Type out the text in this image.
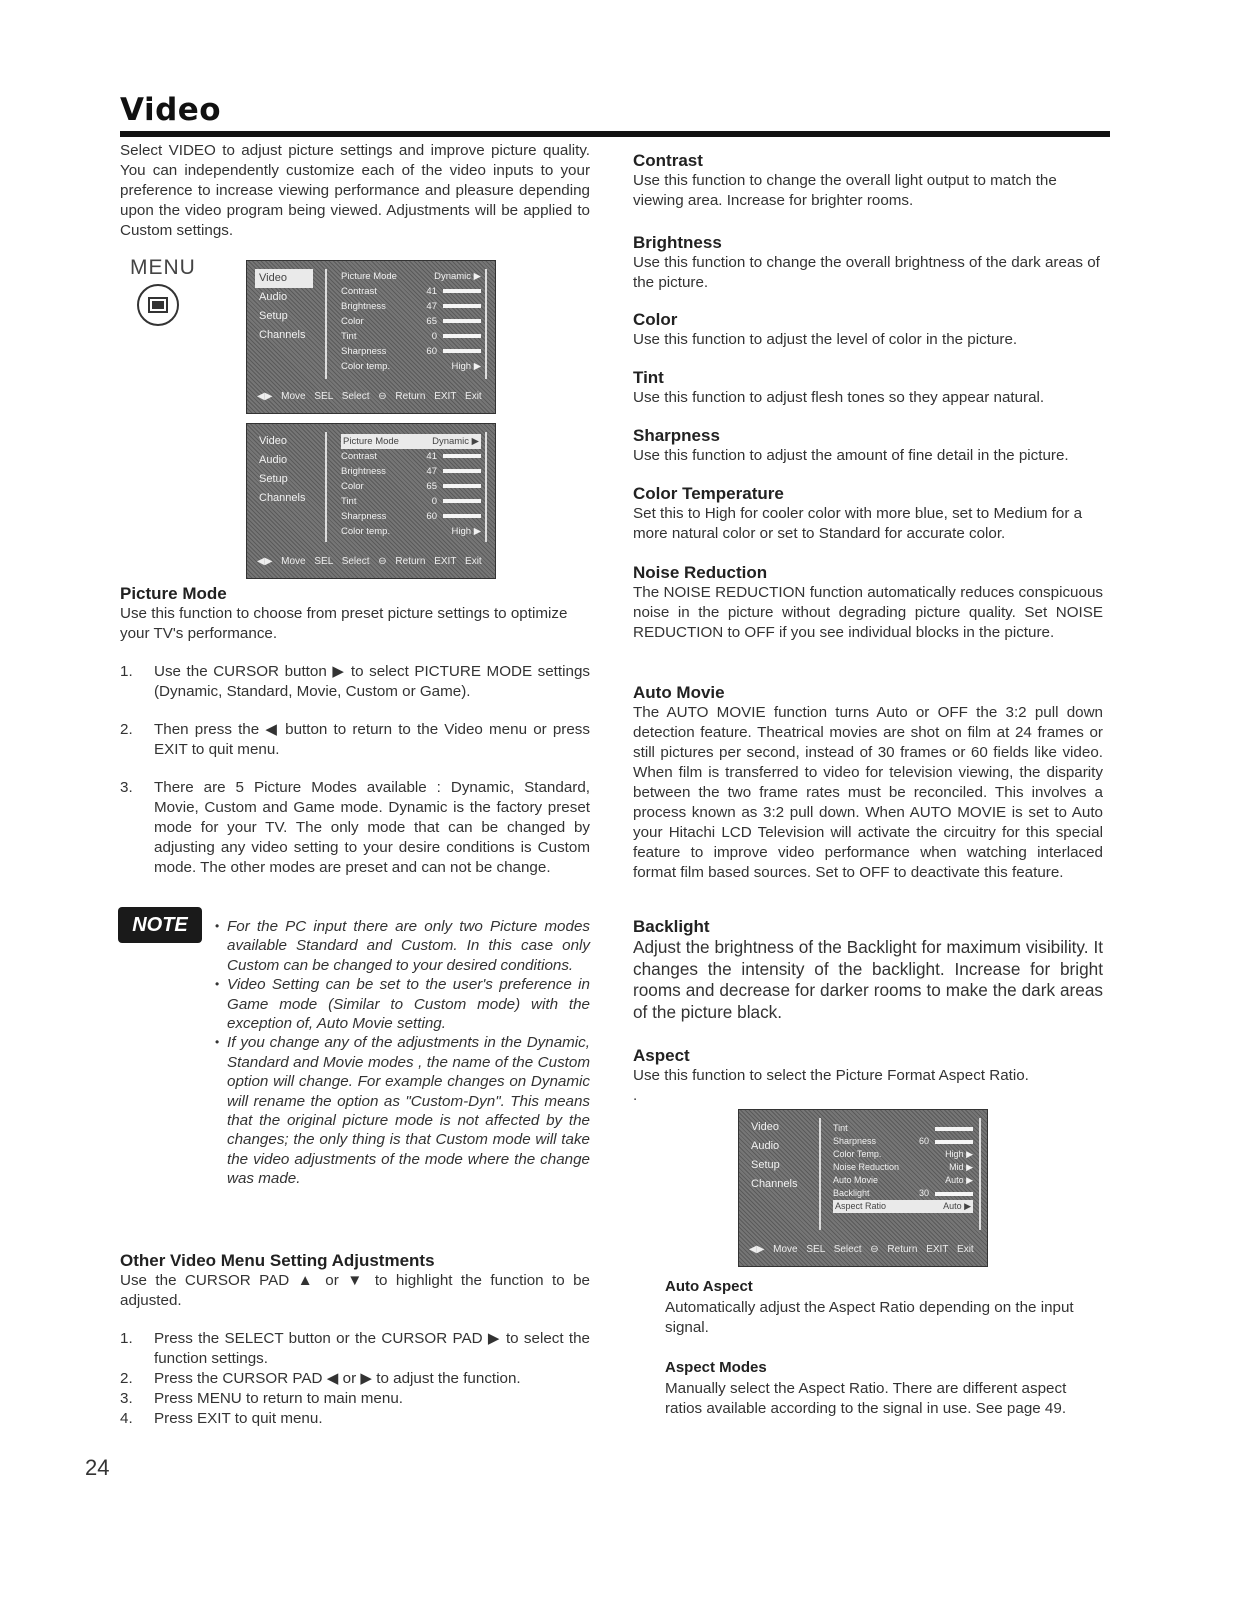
Video

Select VIDEO to adjust picture settings and improve picture quality. You can independently customize each of the video inputs to your preference to increase viewing performance and pleasure depending upon the video program being viewed. Adjustments will be applied to Custom settings.

MENU	Video
Audio
Setup
Channels
Picture Mode	Dynamic ▶
Contrast	41
Brightness	47
Color	65
Tint	0
Sharpness	60
Color temp.	High ▶
◀▶ Move SEL Select ⊖ Return EXIT Exit
Video
Audio
Setup
Channels
Picture Mode	Dynamic ▶
Contrast	41
Brightness	47
Color	65
Tint	0
Sharpness	60
Color temp.	High ▶
◀▶ Move SEL Select ⊖ Return EXIT Exit

Picture Mode

Use this function to choose from preset picture settings to optimize your TV's performance.

1. Use the CURSOR button ▶ to select PICTURE MODE settings (Dynamic, Standard, Movie, Custom or Game).
2. Then press the ◀ button to return to the Video menu or press EXIT to quit menu.
3. There are 5 Picture Modes available : Dynamic, Standard, Movie, Custom and Game mode. Dynamic is the factory preset mode for your TV. The only mode that can be changed by adjusting any video setting to your desire conditions is Custom mode. The other modes are preset and can not be change.
NOTE	• For the PC input there are only two Picture modes available Standard and Custom. In this case only Custom can be changed to your desired conditions.
• Video Setting can be set to the user's preference in Game mode (Similar to Custom mode) with the exception of, Auto Movie setting.
• If you change any of the adjustments in the Dynamic, Standard and Movie modes , the name of the Custom option will change. For example changes on Dynamic will rename the option as "Custom-Dyn". This means that the original picture mode is not affected by the changes; the only thing is that Custom mode will take the video adjustments of the mode where the change was made.

Other Video Menu Setting Adjustments

Use the CURSOR PAD ▲ or ▼ to highlight the function to be adjusted.

1. Press the SELECT button or the CURSOR PAD ▶ to select the function settings.
2. Press the CURSOR PAD ◀ or ▶ to adjust the function.
3. Press MENU to return to main menu.
4. Press EXIT to quit menu.
24

Contrast

Use this function to change the overall light output to match the viewing area. Increase for brighter rooms.

Brightness

Use this function to change the overall brightness of the dark areas of the picture.

Color

Use this function to adjust the level of color in the picture.

Tint

Use this function to adjust flesh tones so they appear natural.

Sharpness

Use this function to adjust the amount of fine detail in the picture.

Color Temperature

Set this to High for cooler color with more blue, set to Medium for a more natural color or set to Standard for accurate color.

Noise Reduction

The NOISE REDUCTION function automatically reduces conspicuous noise in the picture without degrading picture quality. Set NOISE REDUCTION to OFF if you see individual blocks in the picture.

Auto Movie

The AUTO MOVIE function turns Auto or OFF the 3:2 pull down detection feature. Theatrical movies are shot on film at 24 frames or still pictures per second, instead of 30 frames or 60 fields like video. When film is transferred to video for television viewing, the disparity between the two frame rates must be reconciled. This involves a process known as 3:2 pull down. When AUTO MOVIE is set to Auto your Hitachi LCD Television will activate the circuitry for this special feature to improve video performance when watching interlaced format film based sources. Set to OFF to deactivate this feature.

Backlight

Adjust the brightness of the Backlight for maximum visibility. It changes the intensity of the backlight. Increase for bright rooms and decrease for darker rooms to make the dark areas of the picture black.

Aspect

Use this function to select the Picture Format Aspect Ratio.

.

Video
Audio
Setup
Channels
Tint
Sharpness	60
Color Temp.	High ▶
Noise Reduction	Mid ▶
Auto Movie	Auto ▶
Backlight	30
Aspect Ratio	Auto ▶
◀▶ Move SEL Select ⊖ Return EXIT Exit

Auto Aspect

Automatically adjust the Aspect Ratio depending on the input signal.

Aspect Modes

Manually select the Aspect Ratio. There are different aspect ratios available according to the signal in use. See page 49.
